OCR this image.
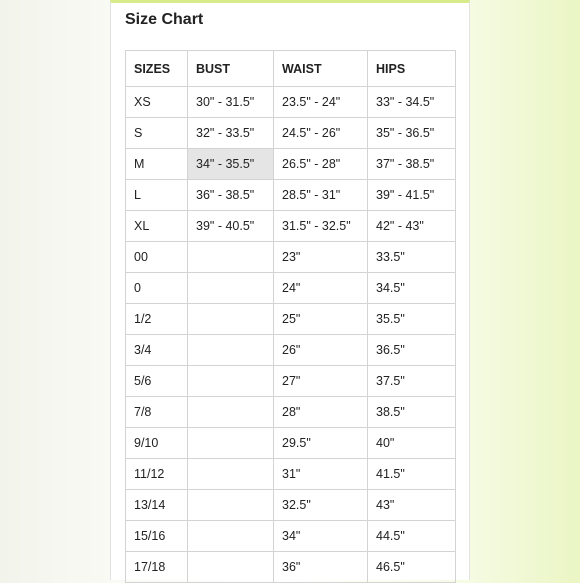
Size Chart
SIZES	BUST	WAIST	HIPS
XS	30" - 31.5"	23.5" - 24"	33" - 34.5"
S	32" - 33.5"	24.5" - 26"	35" - 36.5"
M	34" - 35.5"	26.5" - 28"	37" - 38.5"
L	36" - 38.5"	28.5" - 31"	39" - 41.5"
XL	39" - 40.5"	31.5" - 32.5"	42" - 43"
00		23"	33.5"
0		24"	34.5"
1/2		25"	35.5"
3/4		26"	36.5"
5/6		27"	37.5"
7/8		28"	38.5"
9/10		29.5"	40"
11/12		31"	41.5"
13/14		32.5"	43"
15/16		34"	44.5"
17/18		36"	46.5"
